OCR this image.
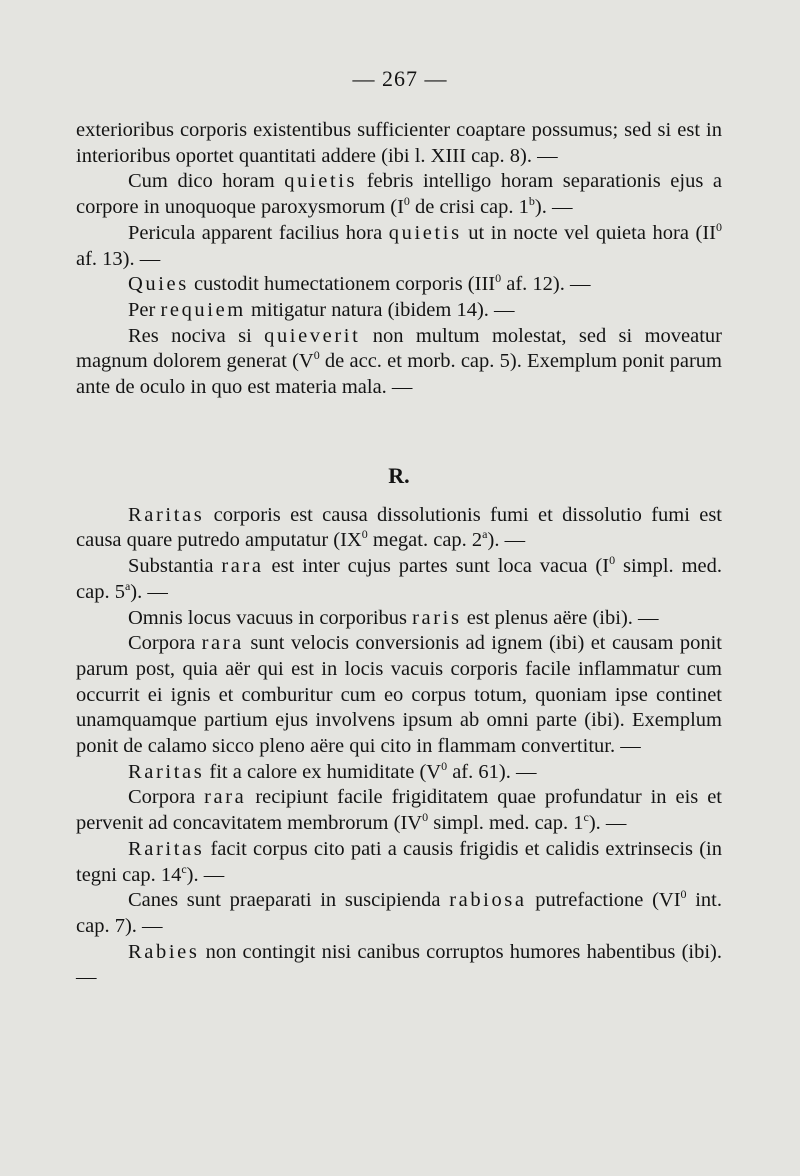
— 267 —

exterioribus corporis existentibus sufficienter coaptare possumus; sed si est in interioribus oportet quantitati addere (ibi l. XIII cap. 8). —

Cum dico horam quietis febris intelligo horam separationis ejus a corpore in unoquoque paroxysmorum ($I^0$ de crisi cap. 1$^b$). —

Pericula apparent facilius hora quietis ut in nocte vel quieta hora ($II^0$ af. 13). —

Quies custodit humectationem corporis (III$^0$ af. 12). —

Per requiem mitigatur natura (ibidem 14). —

Res nociva si quieverit non multum molestat, sed si moveatur magnum dolorem generat ($V^0$ de acc. et morb. cap. 5). Exemplum ponit parum ante de oculo in quo est materia mala. —

R.

Raritas corporis est causa dissolutionis fumi et dissolutio fumi est causa quare putredo amputatur ($IX^0$ megat. cap. 2$^a$). —

Substantia rara est inter cujus partes sunt loca vacua ($I^0$ simpl. med. cap. 5$^a$). —

Omnis locus vacuus in corporibus raris est plenus aëre (ibi). —

Corpora rara sunt velocis conversionis ad ignem (ibi) et causam ponit parum post, quia aër qui est in locis vacuis corporis facile inflammatur cum occurrit ei ignis et comburitur cum eo corpus totum, quoniam ipse continet unamquamque partium ejus involvens ipsum ab omni parte (ibi). Exemplum ponit de calamo sicco pleno aëre qui cito in flammam convertitur. —

Raritas fit a calore ex humiditate ($V^0$ af. 61). —

Corpora rara recipiunt facile frigiditatem quae profundatur in eis et pervenit ad concavitatem membrorum ($IV^0$ simpl. med. cap. 1$^c$). —

Raritas facit corpus cito pati a causis frigidis et calidis extrinsecis (in tegni cap. 14$^c$). —

Canes sunt praeparati in suscipienda rabiosa putrefactione ($VI^0$ int. cap. 7). —

Rabies non contingit nisi canibus corruptos humores habentibus (ibi). —
